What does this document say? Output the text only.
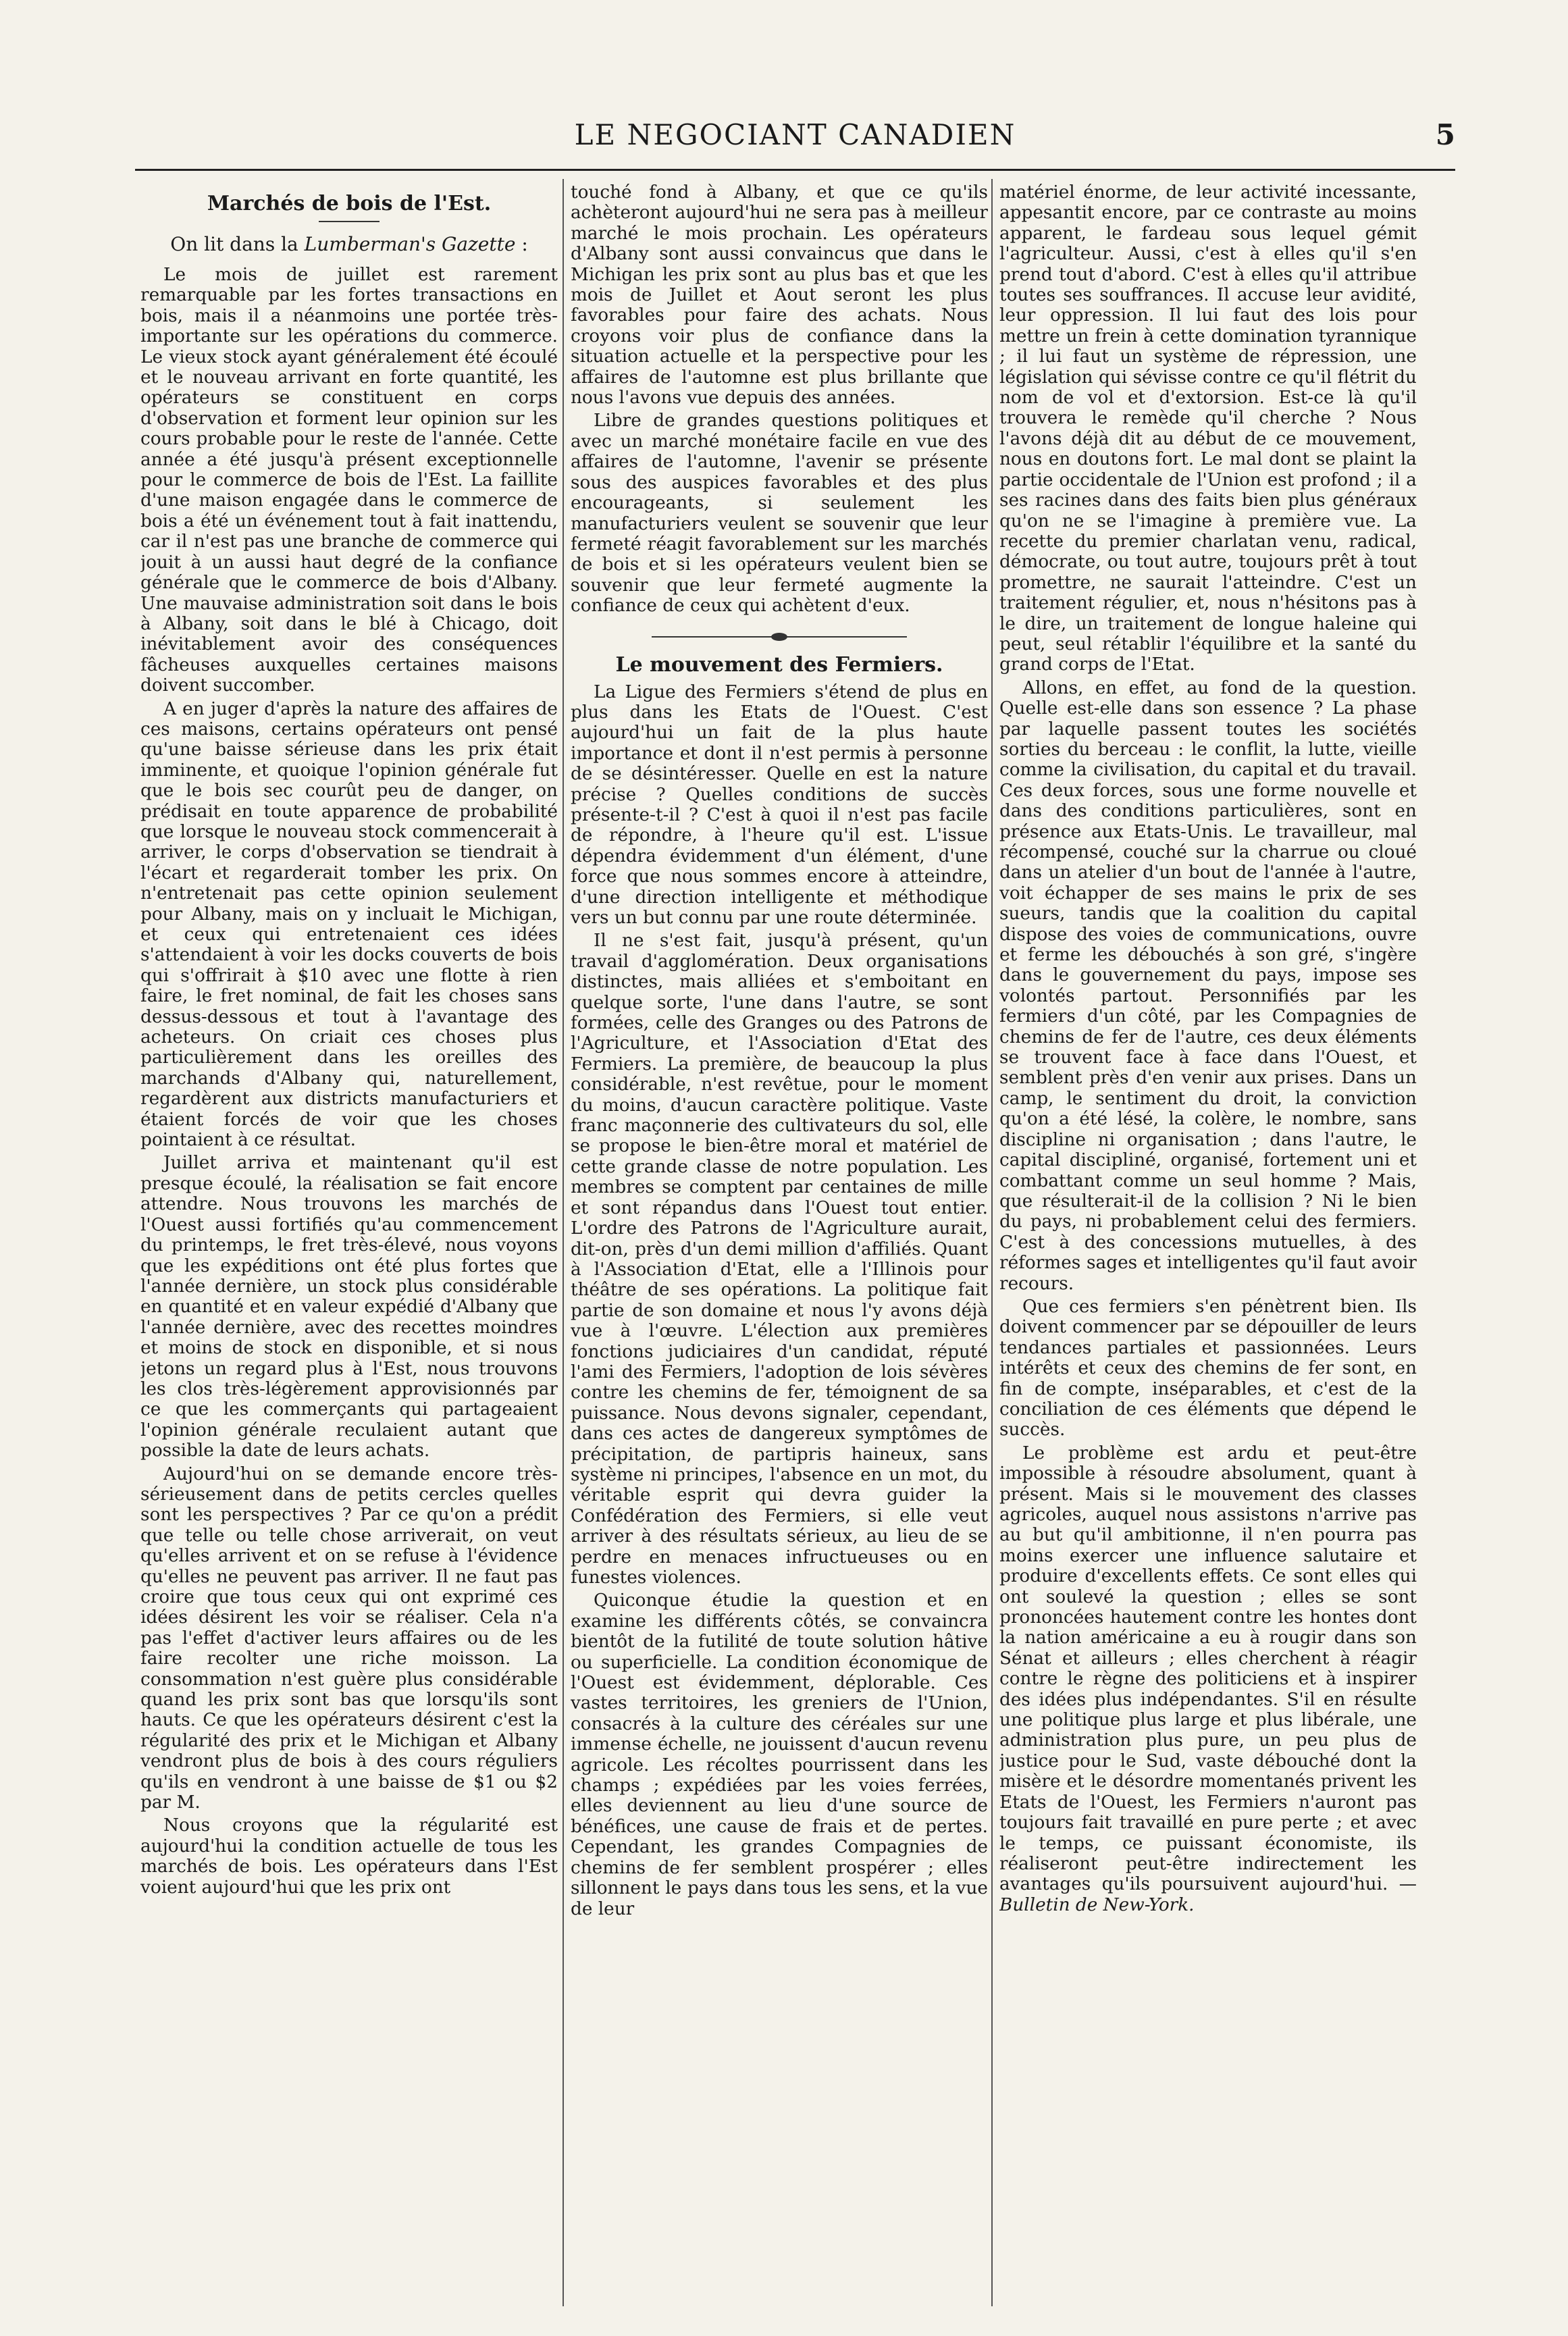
LE NEGOCIANT CANADIEN	5
Marchés de bois de l'Est.
On lit dans la Lumberman's Gazette :

Le mois de juillet est rarement remarquable par les fortes transactions en bois, mais il a néanmoins une portée très-importante sur les opérations du commerce. Le vieux stock ayant généralement été écoulé et le nouveau arrivant en forte quantité, les opérateurs se constituent en corps d'observation et forment leur opinion sur les cours probable pour le reste de l'année. Cette année a été jusqu'à présent exceptionnelle pour le commerce de bois de l'Est. La faillite d'une maison engagée dans le commerce de bois a été un événement tout à fait inattendu, car il n'est pas une branche de commerce qui jouit à un aussi haut degré de la confiance générale que le commerce de bois d'Albany. Une mauvaise administration soit dans le bois à Albany, soit dans le blé à Chicago, doit inévitablement avoir des conséquences fâcheuses auxquelles certaines maisons doivent succomber.

A en juger d'après la nature des affaires de ces maisons, certains opérateurs ont pensé qu'une baisse sérieuse dans les prix était imminente, et quoique l'opinion générale fut que le bois sec courût peu de danger, on prédisait en toute apparence de probabilité que lorsque le nouveau stock commencerait à arriver, le corps d'observation se tiendrait à l'écart et regarderait tomber les prix. On n'entretenait pas cette opinion seulement pour Albany, mais on y incluait le Michigan, et ceux qui entretenaient ces idées s'attendaient à voir les docks couverts de bois qui s'offrirait à $10 avec une flotte à rien faire, le fret nominal, de fait les choses sans dessus-dessous et tout à l'avantage des acheteurs. On criait ces choses plus particulièrement dans les oreilles des marchands d'Albany qui, naturellement, regardèrent aux districts manufacturiers et étaient forcés de voir que les choses pointaient à ce résultat.

Juillet arriva et maintenant qu'il est presque écoulé, la réalisation se fait encore attendre. Nous trouvons les marchés de l'Ouest aussi fortifiés qu'au commencement du printemps, le fret très-élevé, nous voyons que les expéditions ont été plus fortes que l'année dernière, un stock plus considérable en quantité et en valeur expédié d'Albany que l'année dernière, avec des recettes moindres et moins de stock en disponible, et si nous jetons un regard plus à l'Est, nous trouvons les clos très-légèrement approvisionnés par ce que les commerçants qui partageaient l'opinion générale reculaient autant que possible la date de leurs achats.

Aujourd'hui on se demande encore très-sérieusement dans de petits cercles quelles sont les perspectives ? Par ce qu'on a prédit que telle ou telle chose arriverait, on veut qu'elles arrivent et on se refuse à l'évidence qu'elles ne peuvent pas arriver. Il ne faut pas croire que tous ceux qui ont exprimé ces idées désirent les voir se réaliser. Cela n'a pas l'effet d'activer leurs affaires ou de les faire recolter une riche moisson. La consommation n'est guère plus considérable quand les prix sont bas que lorsqu'ils sont hauts. Ce que les opérateurs désirent c'est la régularité des prix et le Michigan et Albany vendront plus de bois à des cours réguliers qu'ils en vendront à une baisse de $1 ou $2 par M.

Nous croyons que la régularité est aujourd'hui la condition actuelle de tous les marchés de bois. Les opérateurs dans l'Est voient aujourd'hui que les prix ont

touché fond à Albany, et que ce qu'ils achèteront aujourd'hui ne sera pas à meilleur marché le mois prochain. Les opérateurs d'Albany sont aussi convaincus que dans le Michigan les prix sont au plus bas et que les mois de Juillet et Aout seront les plus favorables pour faire des achats. Nous croyons voir plus de confiance dans la situation actuelle et la perspective pour les affaires de l'automne est plus brillante que nous l'avons vue depuis des années.

Libre de grandes questions politiques et avec un marché monétaire facile en vue des affaires de l'automne, l'avenir se présente sous des auspices favorables et des plus encourageants, si seulement les manufacturiers veulent se souvenir que leur fermeté réagit favorablement sur les marchés de bois et si les opérateurs veulent bien se souvenir que leur fermeté augmente la confiance de ceux qui achètent d'eux.

Le mouvement des Fermiers.

La Ligue des Fermiers s'étend de plus en plus dans les Etats de l'Ouest. C'est aujourd'hui un fait de la plus haute importance et dont il n'est permis à personne de se désintéresser. Quelle en est la nature précise ? Quelles conditions de succès présente-t-il ? C'est à quoi il n'est pas facile de répondre, à l'heure qu'il est. L'issue dépendra évidemment d'un élément, d'une force que nous sommes encore à atteindre, d'une direction intelligente et méthodique vers un but connu par une route déterminée.

Il ne s'est fait, jusqu'à présent, qu'un travail d'agglomération. Deux organisations distinctes, mais alliées et s'emboitant en quelque sorte, l'une dans l'autre, se sont formées, celle des Granges ou des Patrons de l'Agriculture, et l'Association d'Etat des Fermiers. La première, de beaucoup la plus considérable, n'est revêtue, pour le moment du moins, d'aucun caractère politique. Vaste franc maçonnerie des cultivateurs du sol, elle se propose le bien-être moral et matériel de cette grande classe de notre population. Les membres se comptent par centaines de mille et sont répandus dans l'Ouest tout entier. L'ordre des Patrons de l'Agriculture aurait, dit-on, près d'un demi million d'affiliés. Quant à l'Association d'Etat, elle a l'Illinois pour théâtre de ses opérations. La politique fait partie de son domaine et nous l'y avons déjà vue à l'œuvre. L'élection aux premières fonctions judiciaires d'un candidat, réputé l'ami des Fermiers, l'adoption de lois sévères contre les chemins de fer, témoignent de sa puissance. Nous devons signaler, cependant, dans ces actes de dangereux symptômes de précipitation, de partipris haineux, sans système ni principes, l'absence en un mot, du véritable esprit qui devra guider la Confédération des Fermiers, si elle veut arriver à des résultats sérieux, au lieu de se perdre en menaces infructueuses ou en funestes violences.

Quiconque étudie la question et en examine les différents côtés, se convaincra bientôt de la futilité de toute solution hâtive ou superficielle. La condition économique de l'Ouest est évidemment, déplorable. Ces vastes territoires, les greniers de l'Union, consacrés à la culture des céréales sur une immense échelle, ne jouissent d'aucun revenu agricole. Les récoltes pourrissent dans les champs ; expédiées par les voies ferrées, elles deviennent au lieu d'une source de bénéfices, une cause de frais et de pertes. Cependant, les grandes Compagnies de chemins de fer semblent prospérer ; elles sillonnent le pays dans tous les sens, et la vue de leur

matériel énorme, de leur activité incessante, appesantit encore, par ce contraste au moins apparent, le fardeau sous lequel gémit l'agriculteur. Aussi, c'est à elles qu'il s'en prend tout d'abord. C'est à elles qu'il attribue toutes ses souffrances. Il accuse leur avidité, leur oppression. Il lui faut des lois pour mettre un frein à cette domination tyrannique ; il lui faut un système de répression, une législation qui sévisse contre ce qu'il flétrit du nom de vol et d'extorsion. Est-ce là qu'il trouvera le remède qu'il cherche ? Nous l'avons déjà dit au début de ce mouvement, nous en doutons fort. Le mal dont se plaint la partie occidentale de l'Union est profond ; il a ses racines dans des faits bien plus généraux qu'on ne se l'imagine à première vue. La recette du premier charlatan venu, radical, démocrate, ou tout autre, toujours prêt à tout promettre, ne saurait l'atteindre. C'est un traitement régulier, et, nous n'hésitons pas à le dire, un traitement de longue haleine qui peut, seul rétablir l'équilibre et la santé du grand corps de l'Etat.

Allons, en effet, au fond de la question. Quelle est-elle dans son essence ? La phase par laquelle passent toutes les sociétés sorties du berceau : le conflit, la lutte, vieille comme la civilisation, du capital et du travail. Ces deux forces, sous une forme nouvelle et dans des conditions particulières, sont en présence aux Etats-Unis. Le travailleur, mal récompensé, couché sur la charrue ou cloué dans un atelier d'un bout de l'année à l'autre, voit échapper de ses mains le prix de ses sueurs, tandis que la coalition du capital dispose des voies de communications, ouvre et ferme les débouchés à son gré, s'ingère dans le gouvernement du pays, impose ses volontés partout. Personnifiés par les fermiers d'un côté, par les Compagnies de chemins de fer de l'autre, ces deux éléments se trouvent face à face dans l'Ouest, et semblent près d'en venir aux prises. Dans un camp, le sentiment du droit, la conviction qu'on a été lésé, la colère, le nombre, sans discipline ni organisation ; dans l'autre, le capital discipliné, organisé, fortement uni et combattant comme un seul homme ? Mais, que résulterait-il de la collision ? Ni le bien du pays, ni probablement celui des fermiers. C'est à des concessions mutuelles, à des réformes sages et intelligentes qu'il faut avoir recours.

Que ces fermiers s'en pénètrent bien. Ils doivent commencer par se dépouiller de leurs tendances partiales et passionnées. Leurs intérêts et ceux des chemins de fer sont, en fin de compte, inséparables, et c'est de la conciliation de ces éléments que dépend le succès.

Le problème est ardu et peut-être impossible à résoudre absolument, quant à présent. Mais si le mouvement des classes agricoles, auquel nous assistons n'arrive pas au but qu'il ambitionne, il n'en pourra pas moins exercer une influence salutaire et produire d'excellents effets. Ce sont elles qui ont soulevé la question ; elles se sont prononcées hautement contre les hontes dont la nation américaine a eu à rougir dans son Sénat et ailleurs ; elles cherchent à réagir contre le règne des politiciens et à inspirer des idées plus indépendantes. S'il en résulte une politique plus large et plus libérale, une administration plus pure, un peu plus de justice pour le Sud, vaste débouché dont la misère et le désordre momentanés privent les Etats de l'Ouest, les Fermiers n'auront pas toujours fait travaillé en pure perte ; et avec le temps, ce puissant économiste, ils réaliseront peut-être indirectement les avantages qu'ils poursuivent aujourd'hui. — Bulletin de New-York.
